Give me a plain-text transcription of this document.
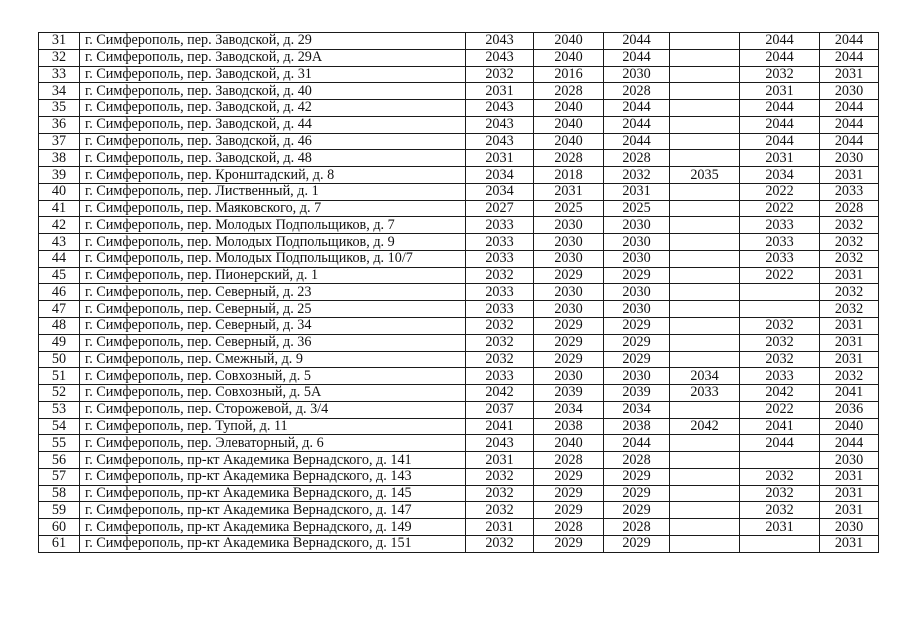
31	г. Симферополь, пер. Заводской, д. 29	2043	2040	2044		2044	2044
32	г. Симферополь, пер. Заводской, д. 29А	2043	2040	2044		2044	2044
33	г. Симферополь, пер. Заводской, д. 31	2032	2016	2030		2032	2031
34	г. Симферополь, пер. Заводской, д. 40	2031	2028	2028		2031	2030
35	г. Симферополь, пер. Заводской, д. 42	2043	2040	2044		2044	2044
36	г. Симферополь, пер. Заводской, д. 44	2043	2040	2044		2044	2044
37	г. Симферополь, пер. Заводской, д. 46	2043	2040	2044		2044	2044
38	г. Симферополь, пер. Заводской, д. 48	2031	2028	2028		2031	2030
39	г. Симферополь, пер. Кронштадский, д. 8	2034	2018	2032	2035	2034	2031
40	г. Симферополь, пер. Лиственный, д. 1	2034	2031	2031		2022	2033
41	г. Симферополь, пер. Маяковского, д. 7	2027	2025	2025		2022	2028
42	г. Симферополь, пер. Молодых Подпольщиков, д. 7	2033	2030	2030		2033	2032
43	г. Симферополь, пер. Молодых Подпольщиков, д. 9	2033	2030	2030		2033	2032
44	г. Симферополь, пер. Молодых Подпольщиков, д. 10/7	2033	2030	2030		2033	2032
45	г. Симферополь, пер. Пионерский, д. 1	2032	2029	2029		2022	2031
46	г. Симферополь, пер. Северный, д. 23	2033	2030	2030			2032
47	г. Симферополь, пер. Северный, д. 25	2033	2030	2030			2032
48	г. Симферополь, пер. Северный, д. 34	2032	2029	2029		2032	2031
49	г. Симферополь, пер. Северный, д. 36	2032	2029	2029		2032	2031
50	г. Симферополь, пер. Смежный, д. 9	2032	2029	2029		2032	2031
51	г. Симферополь, пер. Совхозный, д. 5	2033	2030	2030	2034	2033	2032
52	г. Симферополь, пер. Совхозный, д. 5А	2042	2039	2039	2033	2042	2041
53	г. Симферополь, пер. Сторожевой, д. 3/4	2037	2034	2034		2022	2036
54	г. Симферополь, пер. Тупой, д. 11	2041	2038	2038	2042	2041	2040
55	г. Симферополь, пер. Элеваторный, д. 6	2043	2040	2044		2044	2044
56	г. Симферополь, пр-кт Академика Вернадского, д. 141	2031	2028	2028			2030
57	г. Симферополь, пр-кт Академика Вернадского, д. 143	2032	2029	2029		2032	2031
58	г. Симферополь, пр-кт Академика Вернадского, д. 145	2032	2029	2029		2032	2031
59	г. Симферополь, пр-кт Академика Вернадского, д. 147	2032	2029	2029		2032	2031
60	г. Симферополь, пр-кт Академика Вернадского, д. 149	2031	2028	2028		2031	2030
61	г. Симферополь, пр-кт Академика Вернадского, д. 151	2032	2029	2029			2031
